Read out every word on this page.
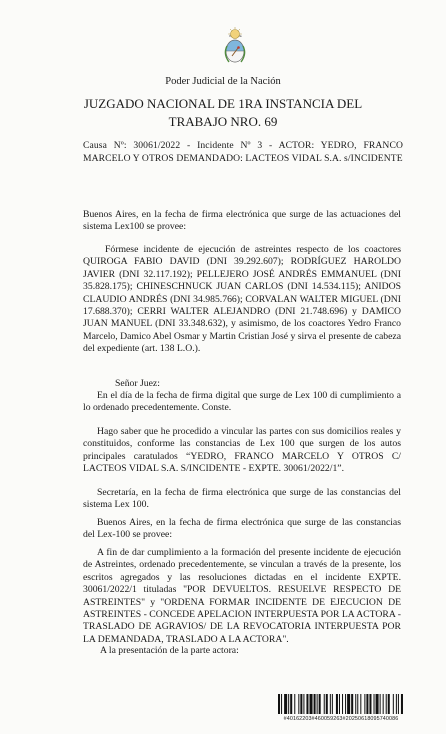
Poder Judicial de la Nación
JUZGADO NACIONAL DE 1RA INSTANCIA DEL
TRABAJO NRO. 69
Causa Nº: 30061/2022 - Incidente Nº 3 - ACTOR: YEDRO, FRANCO MARCELO Y OTROS DEMANDADO: LACTEOS VIDAL S.A. s/INCIDENTE
Buenos Aires, en la fecha de firma electrónica que surge de las actuaciones del sistema Lex100 se provee:
Fórmese incidente de ejecución de astreintes respecto de los coactores QUIROGA FABIO DAVID (DNI 39.292.607); RODRÍGUEZ HAROLDO JAVIER (DNI 32.117.192); PELLEJERO JOSÉ ANDRÉS EMMANUEL (DNI 35.828.175); CHINESCHNUCK JUAN CARLOS (DNI 14.534.115); ANIDOS CLAUDIO ANDRÉS (DNI 34.985.766); CORVALAN WALTER MIGUEL (DNI 17.688.370); CERRI WALTER ALEJANDRO (DNI 21.748.696) y DAMICO JUAN MANUEL (DNI 33.348.632), y asimismo, de los coactores Yedro Franco Marcelo, Damico Abel Osmar y Martin Cristian José y sirva el presente de cabeza del expediente (art. 138 L.O.).
Señor Juez:
En el día de la fecha de firma digital que surge de Lex 100 di cumplimiento a lo ordenado precedentemente. Conste.
Hago saber que he procedido a vincular las partes con sus domicilios reales y constituidos, conforme las constancias de Lex 100 que surgen de los autos principales caratulados “YEDRO, FRANCO MARCELO Y OTROS C/ LACTEOS VIDAL S.A. S/INCIDENTE - EXPTE. 30061/2022/1”.
Secretaría, en la fecha de firma electrónica que surge de las constancias del sistema Lex 100.
Buenos Aires, en la fecha de firma electrónica que surge de las constancias del Lex-100 se provee:
A fin de dar cumplimiento a la formación del presente incidente de ejecución de Astreintes, ordenado precedentemente, se vinculan a través de la presente, los escritos agregados y las resoluciones dictadas en el incidente EXPTE. 30061/2022/1 tituladas "POR DEVUELTOS. RESUELVE RESPECTO DE ASTREINTES" y "ORDENA FORMAR INCIDENTE DE EJECUCION DE ASTREINTES - CONCEDE APELACION INTERPUESTA POR LA ACTORA - TRASLADO DE AGRAVIOS/ DE LA REVOCATORIA INTERPUESTA POR LA DEMANDADA, TRASLADO A LA ACTORA".
A la presentación de la parte actora:
#40162203#460059263#20250618095740086
